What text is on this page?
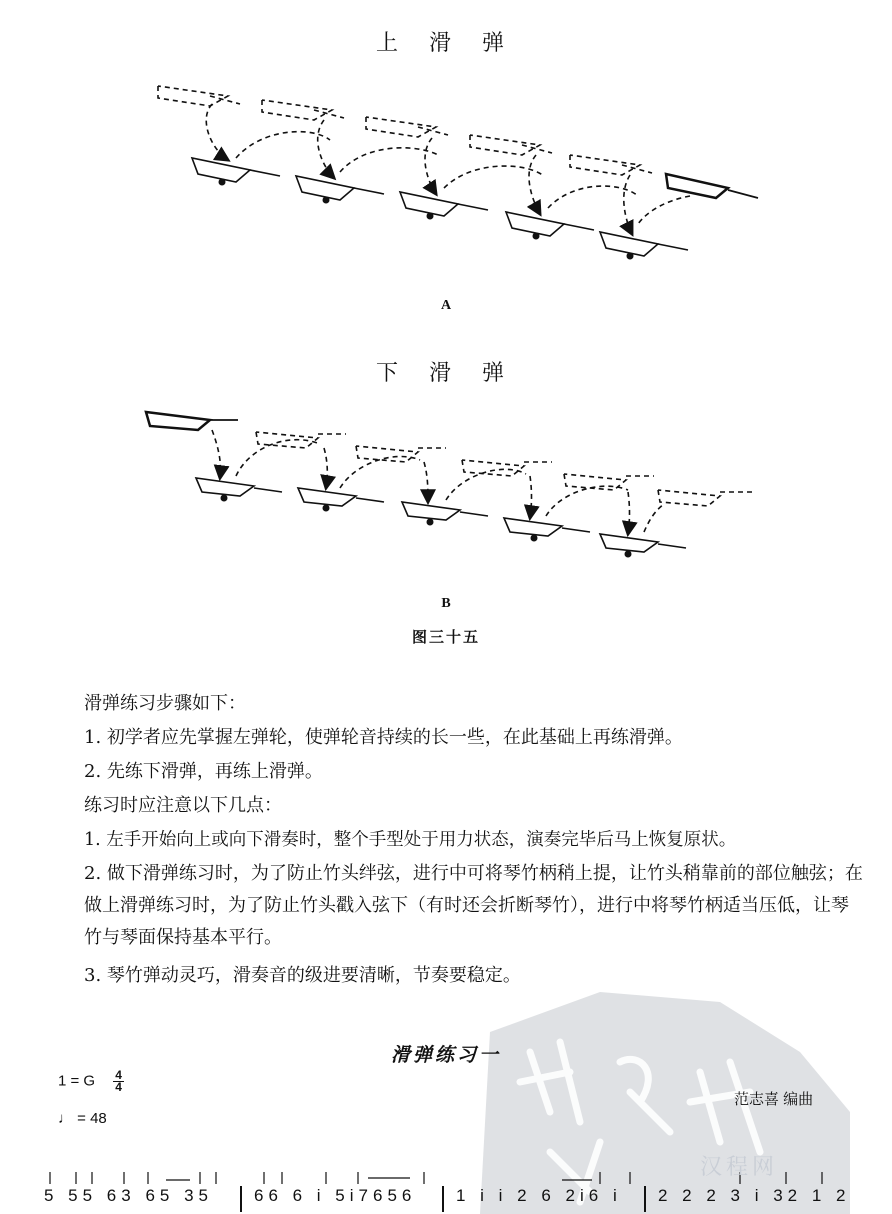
上 滑 弹
A
下 滑 弹
B
图三十五
滑弹练习步骤如下：
1. 初学者应先掌握左弹轮，使弹轮音持续的长一些，在此基础上再练滑弹。
2. 先练下滑弹，再练上滑弹。
练习时应注意以下几点：
1. 左手开始向上或向下滑奏时，整个手型处于用力状态，演奏完毕后马上恢复原状。
2. 做下滑弹练习时，为了防止竹头绊弦，进行中可将琴竹柄稍上提，让竹头稍靠前的部位触弦；在做上滑弹练习时，为了防止竹头戳入弦下（有时还会折断琴竹），进行中将琴竹柄适当压低，让琴竹与琴面保持基本平行。
3. 琴竹弹动灵巧，滑奏音的级进要清晰，节奏要稳定。
滑弹练习一
1 = G $\frac{4}{4}$
♩ = 48
范志喜 编曲
5 55 63 65 35 66 6 i 5i7656 1 i i 2 6 2i6 i 2 2 2 3 i 32 1 2
汉程网
